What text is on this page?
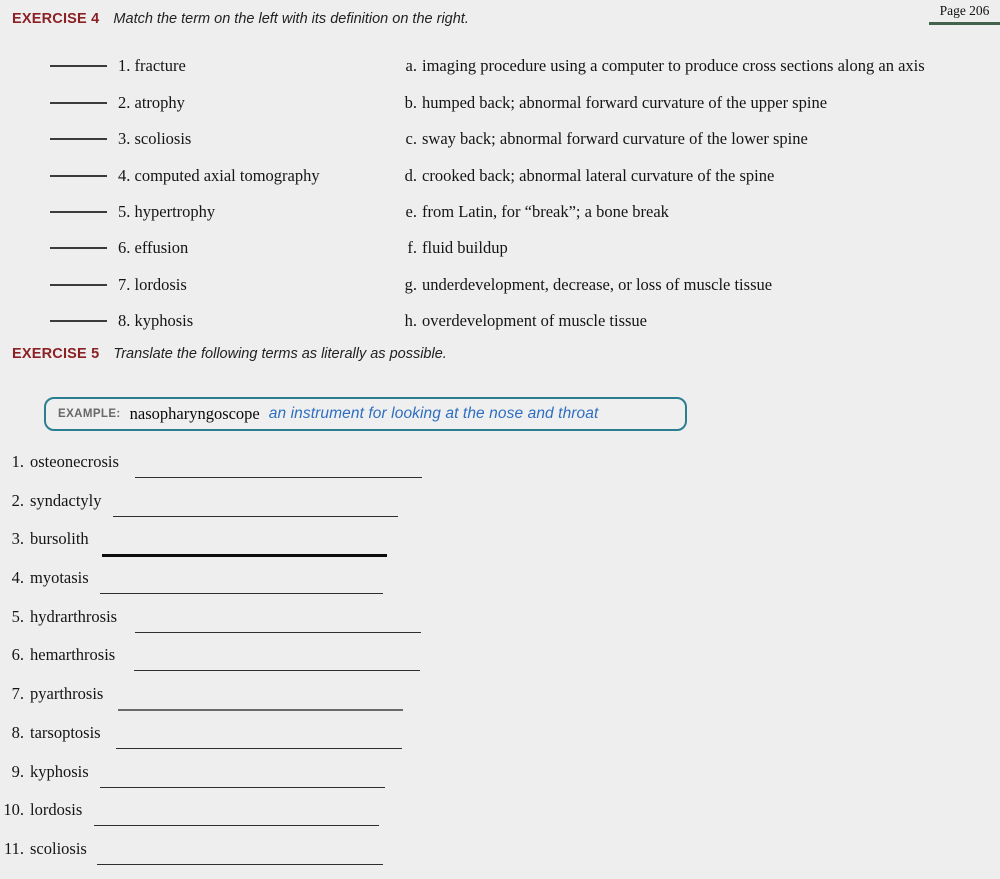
Page 206
EXERCISE 4 Match the term on the left with its definition on the right.
1. fracture	a. imaging procedure using a computer to produce cross sections along an axis
2. atrophy	b. humped back; abnormal forward curvature of the upper spine
3. scoliosis	c. sway back; abnormal forward curvature of the lower spine
4. computed axial tomography	d. crooked back; abnormal lateral curvature of the spine
5. hypertrophy	e. from Latin, for “break”; a bone break
6. effusion	f. fluid buildup
7. lordosis	g. underdevelopment, decrease, or loss of muscle tissue
8. kyphosis	h. overdevelopment of muscle tissue
EXERCISE 5 Translate the following terms as literally as possible.
EXAMPLE: nasopharyngoscope an instrument for looking at the nose and throat
1. osteonecrosis
2. syndactyly
3. bursolith
4. myotasis
5. hydrarthrosis
6. hemarthrosis
7. pyarthrosis
8. tarsoptosis
9. kyphosis
10. lordosis
11. scoliosis
